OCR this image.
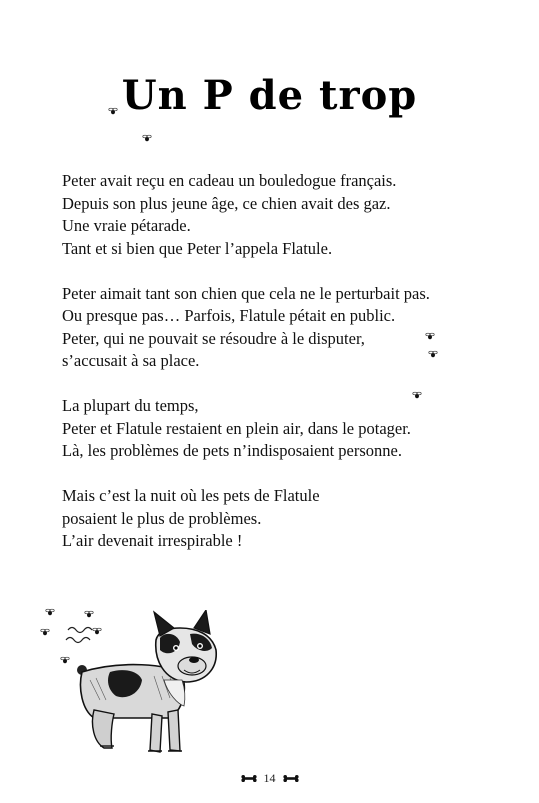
Un P de trop

Peter avait reçu en cadeau un bouledogue français.
Depuis son plus jeune âge, ce chien avait des gaz.
Une vraie pétarade.
Tant et si bien que Peter l’appela Flatule.

Peter aimait tant son chien que cela ne le perturbait pas.
Ou presque pas… Parfois, Flatule pétait en public.
Peter, qui ne pouvait se résoudre à le disputer,
s’accusait à sa place.

La plupart du temps,
Peter et Flatule restaient en plein air, dans le potager.
Là, les problèmes de pets n’indisposaient personne.

Mais c’est la nuit où les pets de Flatule
posaient le plus de problèmes.
L’air devenait irrespirable !

14
